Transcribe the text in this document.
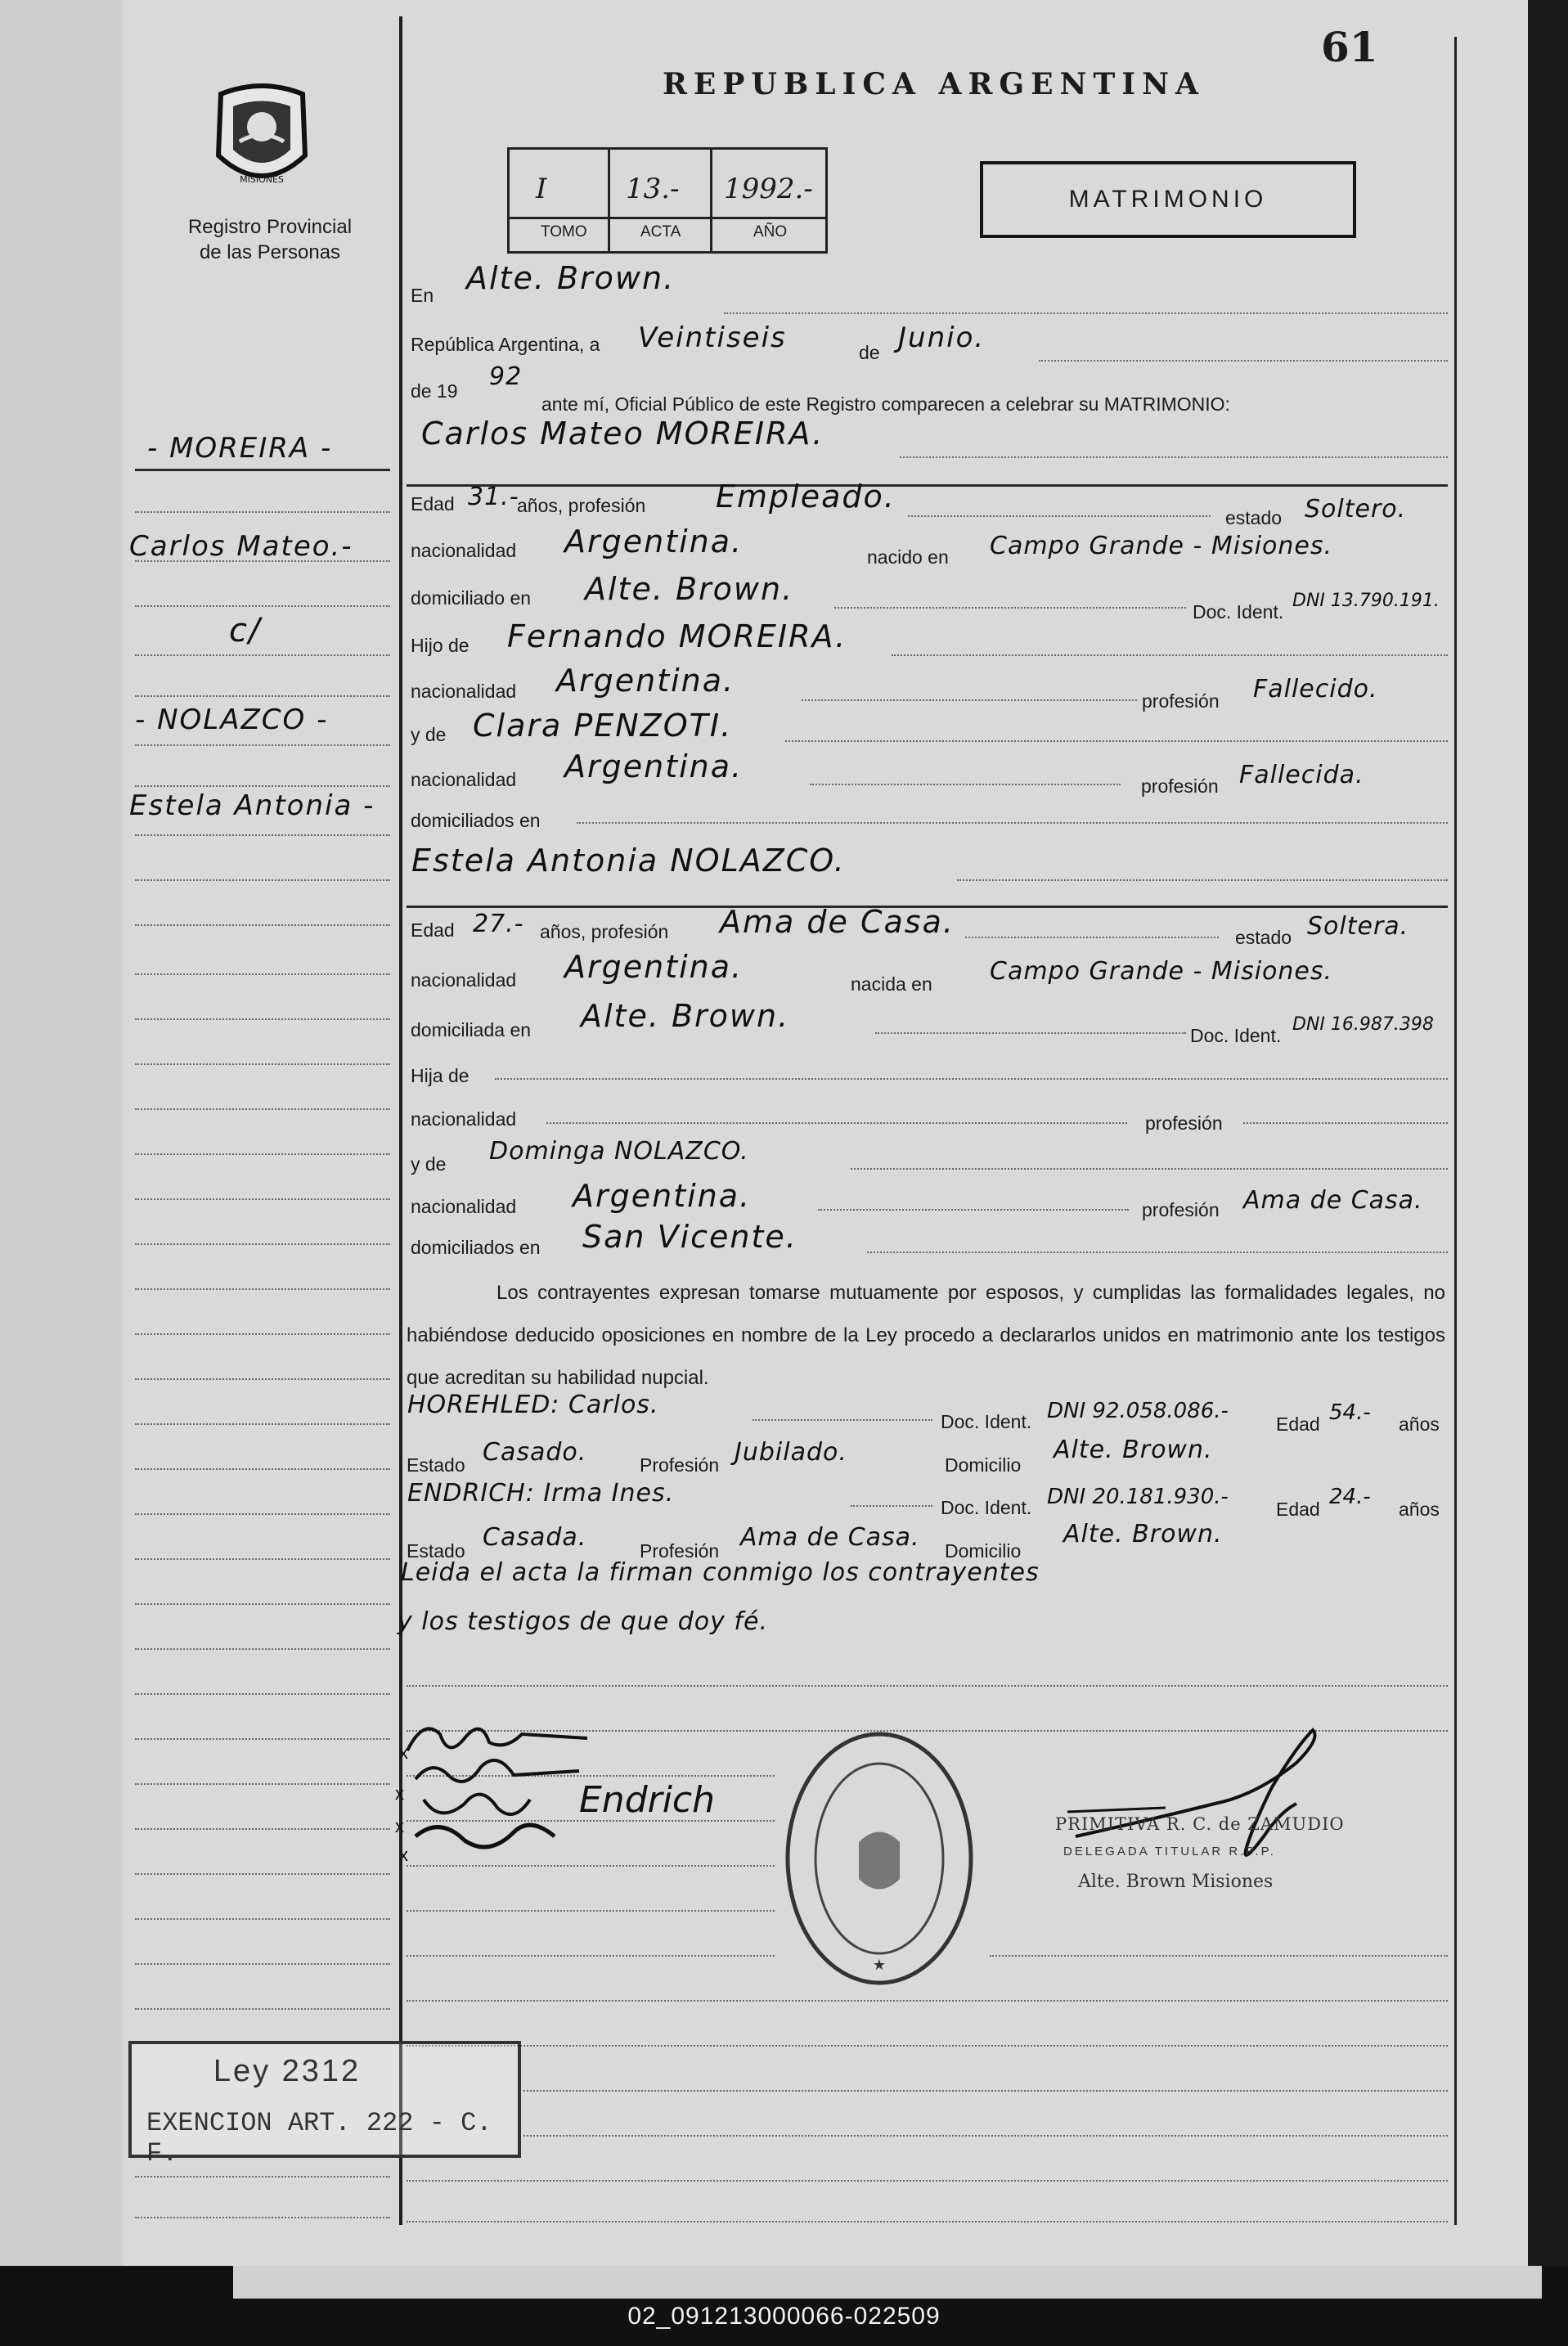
61
REPUBLICA ARGENTINA
MISIONES
Registro Provincial
de las Personas
I
TOMO
13.-
ACTA
1992.-
AÑO
MATRIMONIO
- MOREIRA -
Carlos Mateo.-
c/
- NOLAZCO -
Estela Antonia -
En Alte. Brown.
República Argentina, a Veintiseis	de Junio.
de 19 92
ante mí, Oficial Público de este Registro comparecen a celebrar su MATRIMONIO:
Carlos Mateo MOREIRA.
Edad 31.-
años, profesión Empleado.
estado Soltero.
nacionalidad Argentina.	nacido en Campo Grande - Misiones.
domiciliado en Alte. Brown.
Doc. Ident.
DNI 13.790.191.
Hijo de Fernando MOREIRA.
nacionalidad Argentina.
profesión Fallecido.
y de Clara PENZOTI.
nacionalidad Argentina.
profesión Fallecida.
domiciliados en
Estela Antonia NOLAZCO.
Edad 27.- años, profesión Ama de Casa.	estado Soltera.
nacionalidad Argentina.	nacida en Campo Grande - Misiones.
domiciliada en Alte. Brown.
Doc. Ident.
DNI 16.987.398
Hija de
nacionalidad	profesión
y de Dominga NOLAZCO.
nacionalidad Argentina.	profesión Ama de Casa.
domiciliados en San Vicente.
Los contrayentes expresan tomarse mutuamente por esposos, y cumplidas las formalidades legales, no habiéndose deducido oposiciones en nombre de la Ley procedo a declararlos unidos en matrimonio ante los testigos que acreditan su habilidad nupcial.
HOREHLED: Carlos.
Doc. Ident. DNI 92.058.086.-
Edad 54.- años
Estado Casado.	Profesión Jubilado.	Domicilio
Alte. Brown.
ENDRICH: Irma Ines.	Doc. Ident. DNI 20.181.930.-	Edad 24.- años
Estado Casada.	Profesión Ama de Casa. Domicilio
Alte. Brown.
Leida el acta la firman conmigo los contrayentes
y los testigos de que doy fé.
x
x
x
x
Endrich
★
PRIMITIVA R. C. de ZAMUDIO
DELEGADA TITULAR R.P.P.
Alte. Brown Misiones
Ley 2312
EXENCION ART. 222 - C. F.
02_091213000066-022509
